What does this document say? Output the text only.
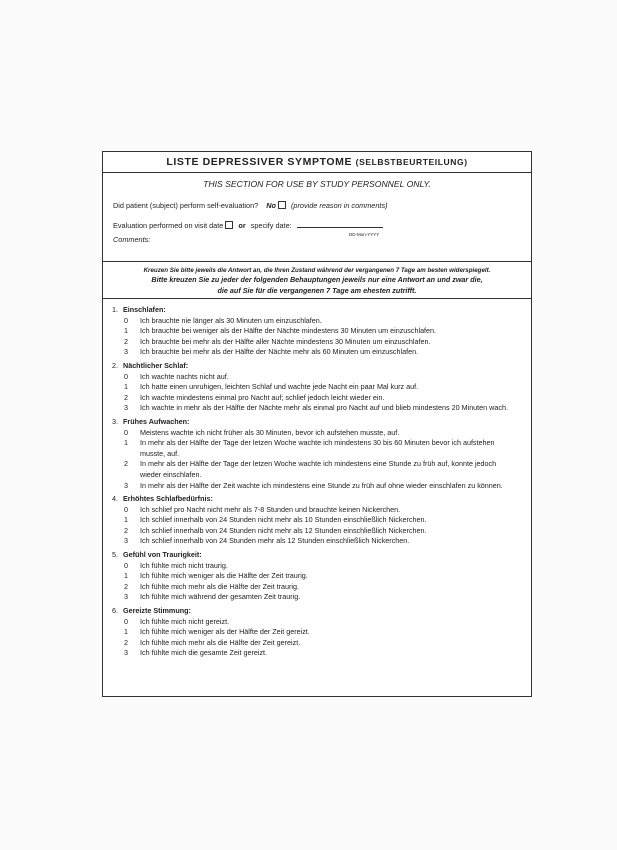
LISTE DEPRESSIVER SYMPTOME (SELBSTBEURTEILUNG)
THIS SECTION FOR USE BY STUDY PERSONNEL ONLY.
Did patient (subject) perform self-evaluation? No (provide reason in comments)
Evaluation performed on visit date or specify date:
DD-Mon-YYYY
Comments:
Kreuzen Sie bitte jeweils die Antwort an, die Ihren Zustand während der vergangenen 7 Tage am besten widerspiegelt.
Bitte kreuzen Sie zu jeder der folgenden Behauptungen jeweils nur eine Antwort an und zwar die,
die auf Sie für die vergangenen 7 Tage am ehesten zutrifft.
1. Einschlafen:
0	Ich brauchte nie länger als 30 Minuten um einzuschlafen.
1	Ich brauchte bei weniger als der Hälfte der Nächte mindestens 30 Minuten um einzuschlafen.
2	Ich brauchte bei mehr als der Hälfte aller Nächte mindestens 30 Minuten um einzuschlafen.
3	Ich brauchte bei mehr als der Hälfte der Nächte mehr als 60 Minuten um einzuschlafen.
2. Nächtlicher Schlaf:
0	Ich wachte nachts nicht auf.
1	Ich hatte einen unruhigen, leichten Schlaf und wachte jede Nacht ein paar Mal kurz auf.
2	Ich wachte mindestens einmal pro Nacht auf; schlief jedoch leicht wieder ein.
3	Ich wachte in mehr als der Hälfte der Nächte mehr als einmal pro Nacht auf und blieb mindestens 20 Minuten wach.
3. Frühes Aufwachen:
0	Meistens wachte ich nicht früher als 30 Minuten, bevor ich aufstehen musste, auf.
1	In mehr als der Hälfte der Tage der letzen Woche wachte ich mindestens 30 bis 60 Minuten bevor ich aufstehen musste, auf.
2	In mehr als der Hälfte der Tage der letzen Woche wachte ich mindestens eine Stunde zu früh auf, konnte jedoch wieder einschlafen.
3	In mehr als der Hälfte der Zeit wachte ich mindestens eine Stunde zu früh auf ohne wieder einschlafen zu können.
4. Erhöhtes Schlafbedürfnis:
0	Ich schlief pro Nacht nicht mehr als 7-8 Stunden und brauchte keinen Nickerchen.
1	Ich schlief innerhalb von 24 Stunden nicht mehr als 10 Stunden einschließlich Nickerchen.
2	Ich schlief innerhalb von 24 Stunden nicht mehr als 12 Stunden einschließlich Nickerchen.
3	Ich schlief innerhalb von 24 Stunden mehr als 12 Stunden einschließlich Nickerchen.
5. Gefühl von Traurigkeit:
0	Ich fühlte mich nicht traurig.
1	Ich fühlte mich weniger als die Hälfte der Zeit traurig.
2	Ich fühlte mich mehr als die Hälfte der Zeit traurig.
3	Ich fühlte mich während der gesamten Zeit traurig.
6. Gereizte Stimmung:
0	Ich fühlte mich nicht gereizt.
1	Ich fühlte mich weniger als der Hälfte der Zeit gereizt.
2	Ich fühlte mich mehr als die Hälfte der Zeit gereizt.
3	Ich fühlte mich die gesamte Zeit gereizt.
